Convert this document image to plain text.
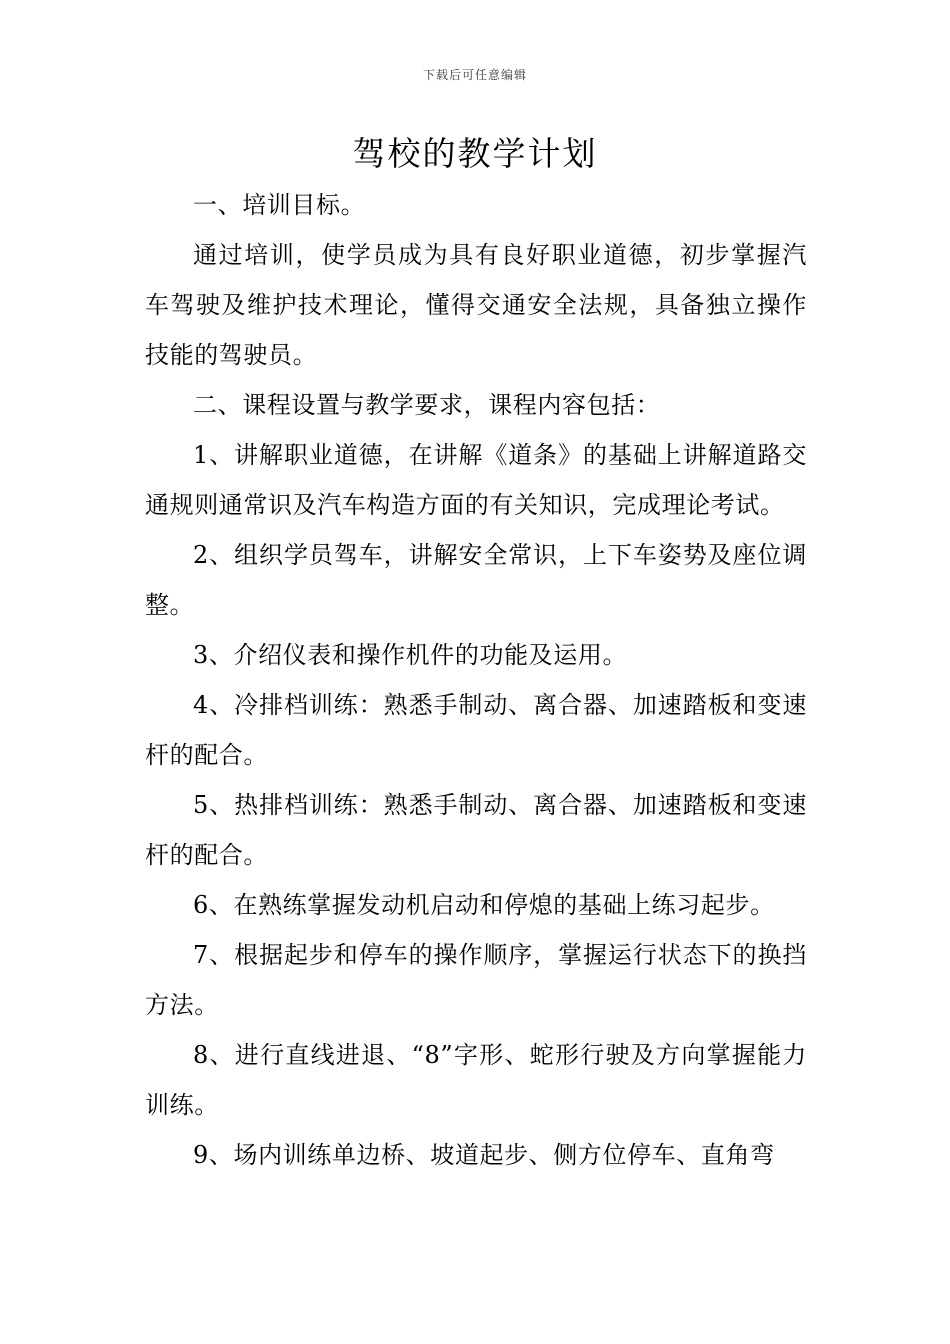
下载后可任意编辑
驾校的教学计划

一、培训目标。

通过培训，使学员成为具有良好职业道德，初步掌握汽车驾驶及维护技术理论，懂得交通安全法规，具备独立操作技能的驾驶员。

二、课程设置与教学要求，课程内容包括：

1、讲解职业道德，在讲解《道条》的基础上讲解道路交通规则通常识及汽车构造方面的有关知识，完成理论考试。

2、组织学员驾车，讲解安全常识，上下车姿势及座位调整。

3、介绍仪表和操作机件的功能及运用。

4、冷排档训练：熟悉手制动、离合器、加速踏板和变速杆的配合。

5、热排档训练：熟悉手制动、离合器、加速踏板和变速杆的配合。

6、在熟练掌握发动机启动和停熄的基础上练习起步。

7、根据起步和停车的操作顺序，掌握运行状态下的换挡方法。

8、进行直线进退、“8”字形、蛇形行驶及方向掌握能力训练。

9、场内训练单边桥、坡道起步、侧方位停车、直角弯
